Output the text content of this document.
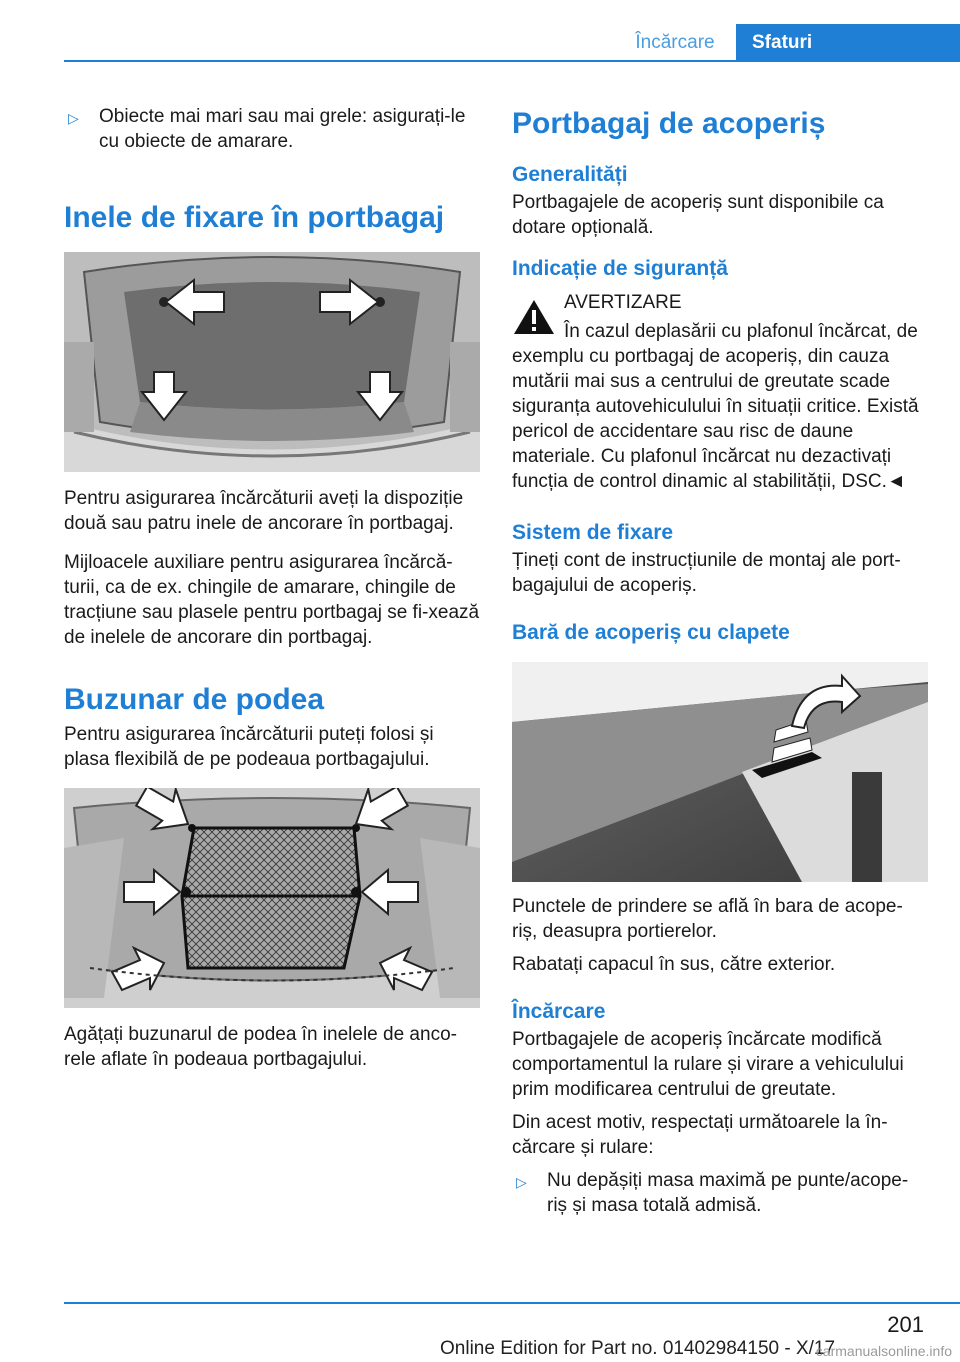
Încărcare	Sfaturi
▷ Obiecte mai mari sau mai grele: asigurați‐le cu obiecte de amarare.
Inele de fixare în portbagaj

Pentru asigurarea încărcăturii aveți la dispoziție două sau patru inele de ancorare în portbagaj.

Mijloacele auxiliare pentru asigurarea încărcă‐turii, ca de ex. chingile de amarare, chingile de tracțiune sau plasele pentru portbagaj se fi‐xează de inelele de ancorare din portbagaj.

Buzunar de podea

Pentru asigurarea încărcăturii puteți folosi și plasa flexibilă de pe podeaua portbagajului.

Agățați buzunarul de podea în inelele de anco‐rele aflate în podeaua portbagajului.

Portbagaj de acoperiș
Generalități

Portbagajele de acoperiș sunt disponibile ca dotare opțională.

Indicație de siguranță

AVERTIZARE

În cazul deplasării cu plafonul încărcat, de

exemplu cu portbagaj de acoperiș, din cauza mutării mai sus a centrului de greutate scade siguranța autovehiculului în situații critice. Există pericol de accidentare sau risc de daune materiale. Cu plafonul încărcat nu dezactivați funcția de control dinamic al stabilității, DSC.◄

Sistem de fixare

Țineți cont de instrucțiunile de montaj ale port‐bagajului de acoperiș.

Bară de acoperiș cu clapete

Punctele de prindere se află în bara de acope‐riș, deasupra portierelor.

Rabatați capacul în sus, către exterior.

Încărcare

Portbagajele de acoperiș încărcate modifică comportamentul la rulare și virare a vehiculului prim modificarea centrului de greutate.

Din acest motiv, respectați următoarele la în‐cărcare și rulare:

▷ Nu depășiți masa maximă pe punte/acope‐riș și masa totală admisă.
201
Online Edition for Part no. 01402984150 - X/17
carmanualsonline.info
